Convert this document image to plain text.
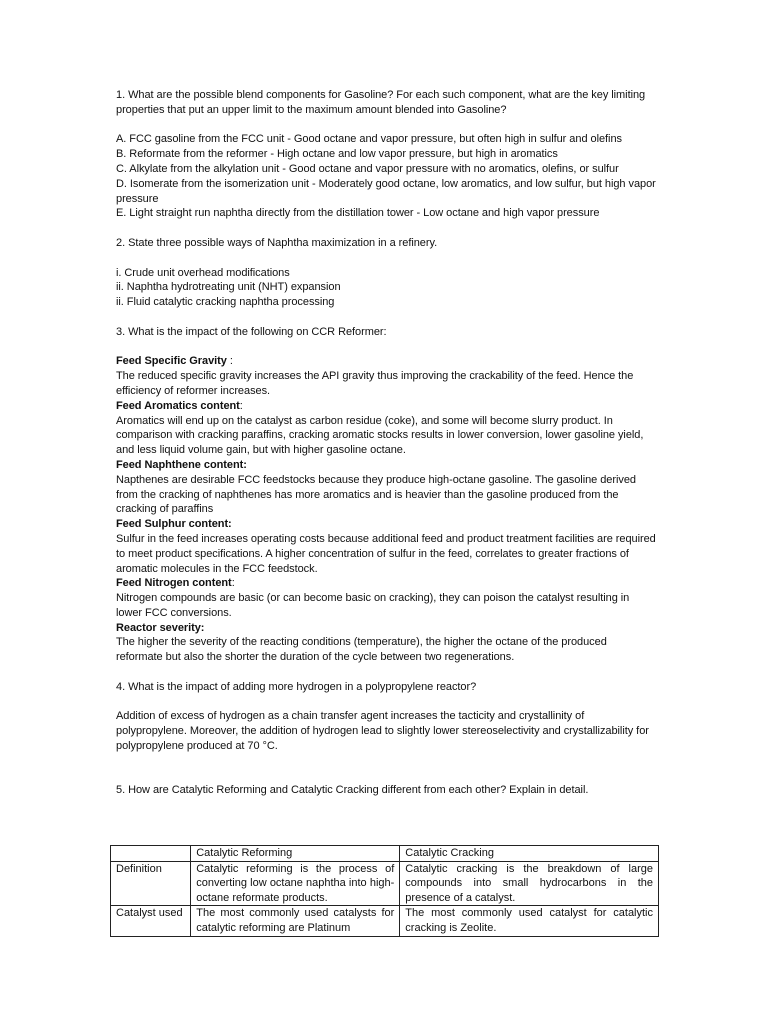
1. What are the possible blend components for Gasoline? For each such component, what are the key limiting properties that put an upper limit to the maximum amount blended into Gasoline?

A. FCC gasoline from the FCC unit - Good octane and vapor pressure, but often high in sulfur and olefins

B. Reformate from the reformer - High octane and low vapor pressure, but high in aromatics

C. Alkylate from the alkylation unit - Good octane and vapor pressure with no aromatics, olefins, or sulfur

D. Isomerate from the isomerization unit - Moderately good octane, low aromatics, and low sulfur, but high vapor pressure

E. Light straight run naphtha directly from the distillation tower - Low octane and high vapor pressure

2. State three possible ways of Naphtha maximization in a refinery.

i. Crude unit overhead modifications

ii. Naphtha hydrotreating unit (NHT) expansion

ii. Fluid catalytic cracking naphtha processing

3. What is the impact of the following on CCR Reformer:

Feed Specific Gravity :

The reduced specific gravity increases the API gravity thus improving the crackability of the feed. Hence the efficiency of reformer increases.

Feed Aromatics content:

Aromatics will end up on the catalyst as carbon residue (coke), and some will become slurry product. In comparison with cracking paraffins, cracking aromatic stocks results in lower conversion, lower gasoline yield, and less liquid volume gain, but with higher gasoline octane.

Feed Naphthene content:

Napthenes are desirable FCC feedstocks because they produce high-octane gasoline. The gasoline derived from the cracking of naphthenes has more aromatics and is heavier than the gasoline produced from the cracking of paraffins

Feed Sulphur content:

Sulfur in the feed increases operating costs because additional feed and product treatment facilities are required to meet product specifications. A higher concentration of sulfur in the feed, correlates to greater fractions of aromatic molecules in the FCC feedstock.

Feed Nitrogen content:

Nitrogen compounds are basic (or can become basic on cracking), they can poison the catalyst resulting in lower FCC conversions.

Reactor severity:

The higher the severity of the reacting conditions (temperature), the higher the octane of the produced reformate but also the shorter the duration of the cycle between two regenerations.

4. What is the impact of adding more hydrogen in a polypropylene reactor?

Addition of excess of hydrogen as a chain transfer agent increases the tacticity and crystallinity of polypropylene. Moreover, the addition of hydrogen lead to slightly lower stereoselectivity and crystallizability for polypropylene produced at 70 °C.

5. How are Catalytic Reforming and Catalytic Cracking different from each other? Explain in detail.

	Catalytic Reforming	Catalytic Cracking
Definition	Catalytic reforming is the process of converting low octane naphtha into high-octane reformate products.	Catalytic cracking is the breakdown of large compounds into small hydrocarbons in the presence of a catalyst.
Catalyst used	The most commonly used catalysts for catalytic reforming are Platinum	The most commonly used catalyst for catalytic cracking is Zeolite.
